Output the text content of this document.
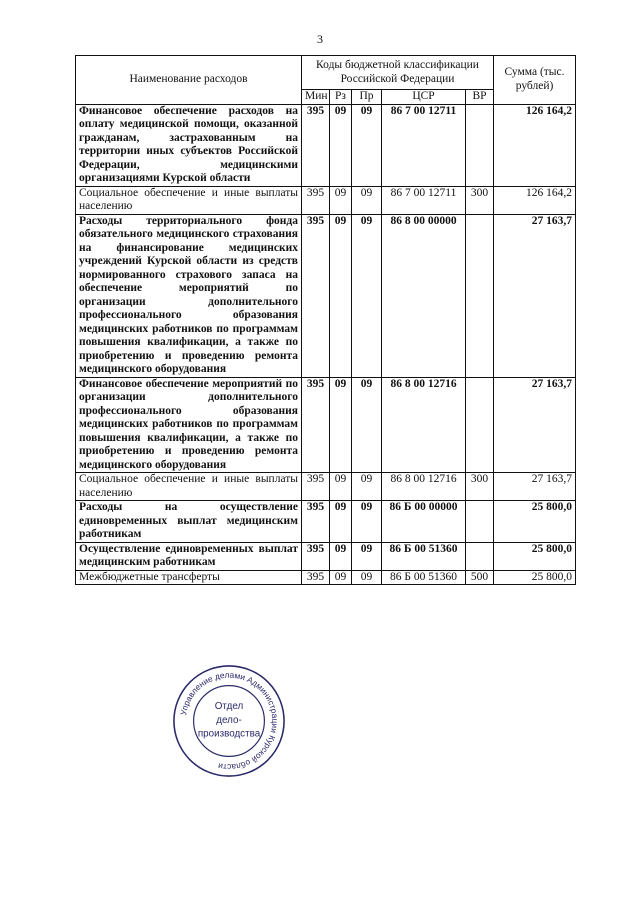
3
Наименование расходов	Коды бюджетной классификации Российской Федерации					Сумма (тыс. рублей)
	Мин	Рз	Пр	ЦСР	ВР	
Финансовое обеспечение расходов на оплату медицинской помощи, оказанной гражданам, застрахованным на территории иных субъектов Российской Федерации, медицинскими организациями Курской области	395	09	09	86 7 00 12711		126 164,2
Социальное обеспечение и иные выплаты населению	395	09	09	86 7 00 12711	300	126 164,2
Расходы территориального фонда обязательного медицинского страхования на финансирование медицинских учреждений Курской области из средств нормированного страхового запаса на обеспечение мероприятий по организации дополнительного профессионального образования медицинских работников по программам повышения квалификации, а также по приобретению и проведению ремонта медицинского оборудования	395	09	09	86 8 00 00000		27 163,7
Финансовое обеспечение мероприятий по организации дополнительного профессионального образования медицинских работников по программам повышения квалификации, а также по приобретению и проведению ремонта медицинского оборудования	395	09	09	86 8 00 12716		27 163,7
Социальное обеспечение и иные выплаты населению	395	09	09	86 8 00 12716	300	27 163,7
Расходы на осуществление единовременных выплат медицинским работникам	395	09	09	86 Б 00 00000		25 800,0
Осуществление единовременных выплат медицинским работникам	395	09	09	86 Б 00 51360		25 800,0
Межбюджетные трансферты	395	09	09	86 Б 00 51360	500	25 800,0
Управление делами Администрации Курской области
Отдел
дело-
производства
